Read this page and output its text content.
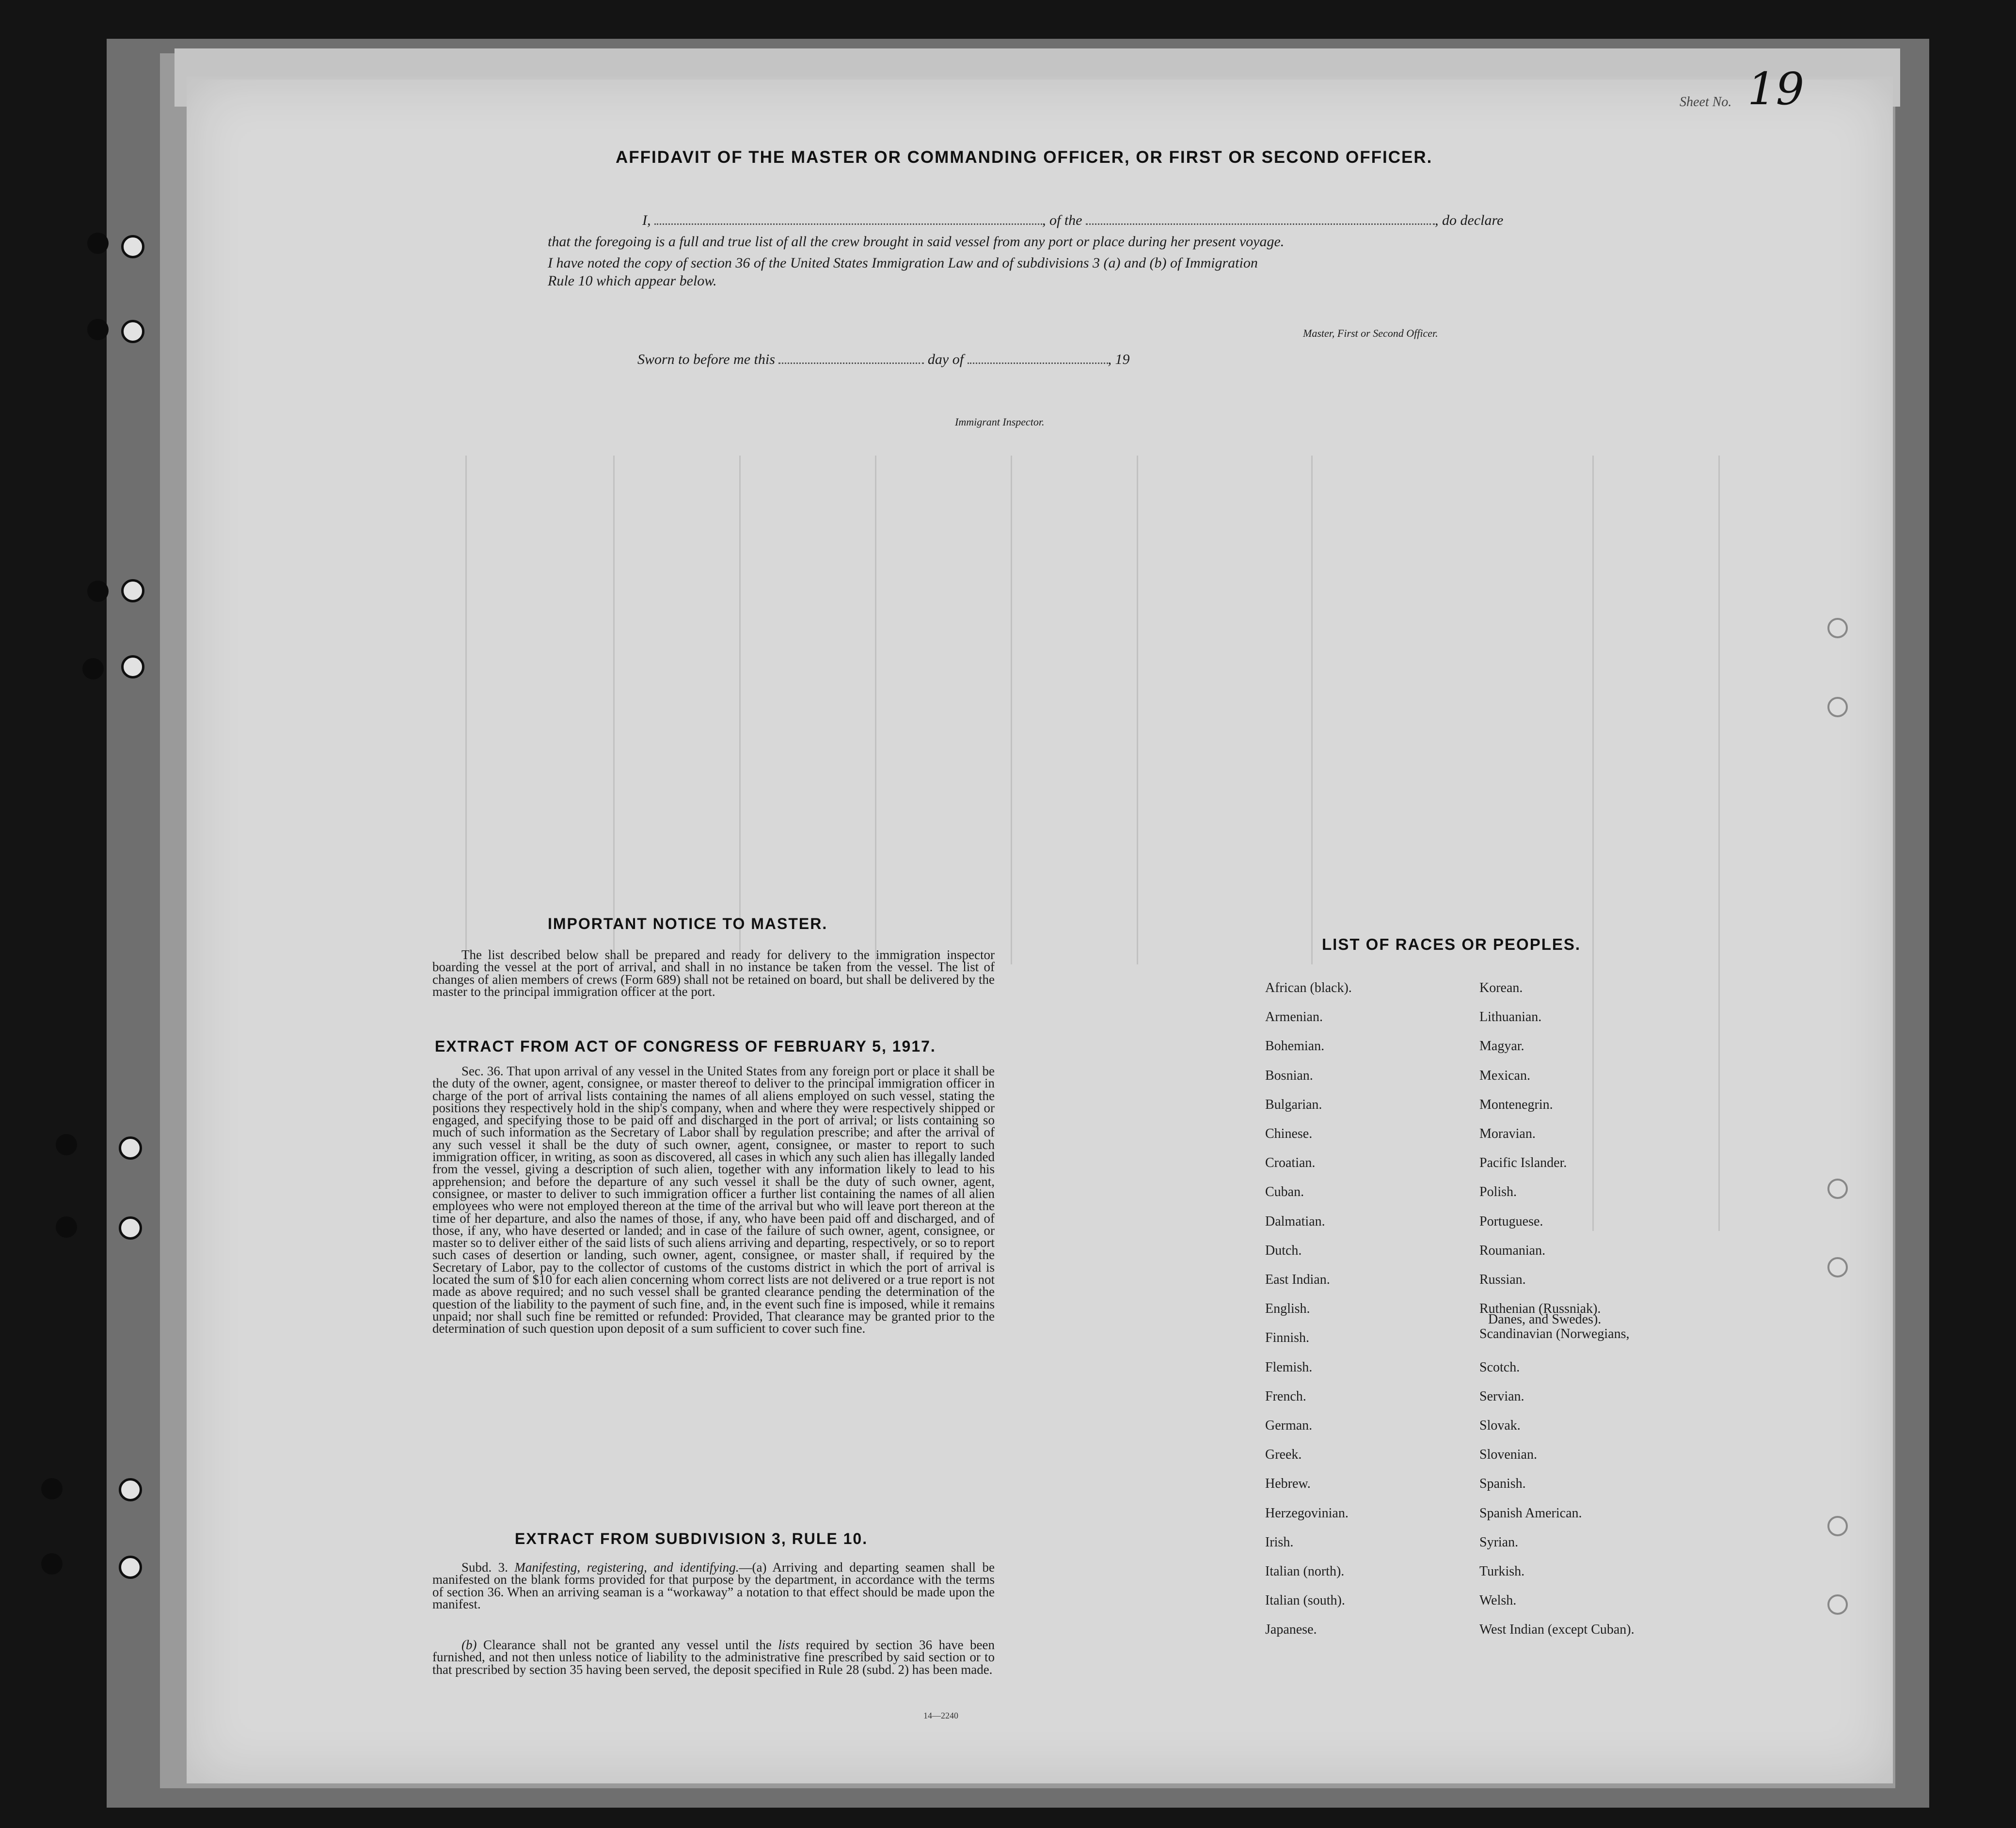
Sheet No. 19
AFFIDAVIT OF THE MASTER OR COMMANDING OFFICER, OR FIRST OR SECOND OFFICER.
I,	, of the	, do declare
that the foregoing is a full and true list of all the crew brought in said vessel from any port or place during her present voyage.
I have noted the copy of section 36 of the United States Immigration Law and of subdivisions 3 (a) and (b) of Immigration
Rule 10 which appear below.
Master, First or Second Officer.
Sworn to before me this	day of	, 19
Immigrant Inspector.
IMPORTANT NOTICE TO MASTER.
The list described below shall be prepared and ready for delivery to the immigration inspector boarding the vessel at the port of arrival, and shall in no instance be taken from the vessel. The list of changes of alien members of crews (Form 689) shall not be retained on board, but shall be delivered by the master to the principal immigration officer at the port.
EXTRACT FROM ACT OF CONGRESS OF FEBRUARY 5, 1917.
Sec. 36. That upon arrival of any vessel in the United States from any foreign port or place it shall be the duty of the owner, agent, consignee, or master thereof to deliver to the principal immigration officer in charge of the port of arrival lists containing the names of all aliens employed on such vessel, stating the positions they respectively hold in the ship's company, when and where they were respectively shipped or engaged, and specifying those to be paid off and discharged in the port of arrival; or lists containing so much of such information as the Secretary of Labor shall by regulation prescribe; and after the arrival of any such vessel it shall be the duty of such owner, agent, consignee, or master to report to such immigration officer, in writing, as soon as discovered, all cases in which any such alien has illegally landed from the vessel, giving a description of such alien, together with any information likely to lead to his apprehension; and before the departure of any such vessel it shall be the duty of such owner, agent, consignee, or master to deliver to such immigration officer a further list containing the names of all alien employees who were not employed thereon at the time of the arrival but who will leave port thereon at the time of her departure, and also the names of those, if any, who have been paid off and discharged, and of those, if any, who have deserted or landed; and in case of the failure of such owner, agent, consignee, or master so to deliver either of the said lists of such aliens arriving and departing, respectively, or so to report such cases of desertion or landing, such owner, agent, consignee, or master shall, if required by the Secretary of Labor, pay to the collector of customs of the customs district in which the port of arrival is located the sum of $10 for each alien concerning whom correct lists are not delivered or a true report is not made as above required; and no such vessel shall be granted clearance pending the determination of the question of the liability to the payment of such fine, and, in the event such fine is imposed, while it remains unpaid; nor shall such fine be remitted or refunded: Provided, That clearance may be granted prior to the determination of such question upon deposit of a sum sufficient to cover such fine.
EXTRACT FROM SUBDIVISION 3, RULE 10.
Subd. 3. Manifesting, registering, and identifying.—(a) Arriving and departing seamen shall be manifested on the blank forms provided for that purpose by the department, in accordance with the terms of section 36. When an arriving seaman is a “workaway” a notation to that effect should be made upon the manifest.
(b) Clearance shall not be granted any vessel until the lists required by section 36 have been furnished, and not then unless notice of liability to the administrative fine prescribed by said section or to that prescribed by section 35 having been served, the deposit specified in Rule 28 (subd. 2) has been made.
14—2240
LIST OF RACES OR PEOPLES.
African (black).
Armenian.
Bohemian.
Bosnian.
Bulgarian.
Chinese.
Croatian.
Cuban.
Dalmatian.
Dutch.
East Indian.
English.
Finnish.
Flemish.
French.
German.
Greek.
Hebrew.
Herzegovinian.
Irish.
Italian (north).
Italian (south).
Japanese.
Korean.
Lithuanian.
Magyar.
Mexican.
Montenegrin.
Moravian.
Pacific Islander.
Polish.
Portuguese.
Roumanian.
Russian.
Ruthenian (Russniak).
Scandinavian (Norwegians,
Danes, and Swedes).
Scotch.
Servian.
Slovak.
Slovenian.
Spanish.
Spanish American.
Syrian.
Turkish.
Welsh.
West Indian (except Cuban).
